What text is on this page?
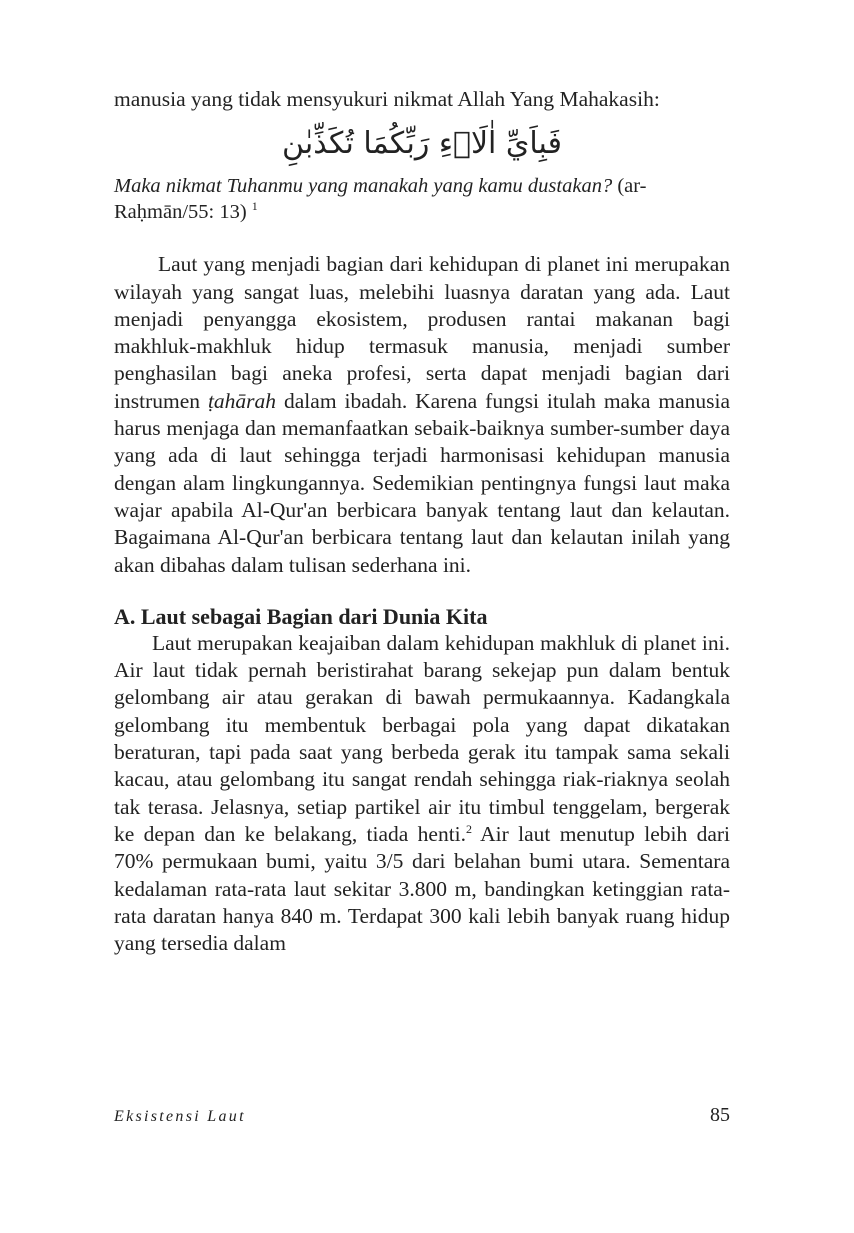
manusia yang tidak mensyukuri nikmat Allah Yang Mahakasih:

فَبِاَيِّ اٰلَاۤءِ رَبِّكُمَا تُكَذِّبٰنِ

Maka nikmat Tuhanmu yang manakah yang kamu dustakan? (ar-Raḥmān/55: 13) $^1$

Laut yang menjadi bagian dari kehidupan di planet ini merupakan wilayah yang sangat luas, melebihi luasnya daratan yang ada. Laut menjadi penyangga ekosistem, produsen rantai makanan bagi makhluk-makhluk hidup termasuk manusia, menjadi sumber penghasilan bagi aneka profesi, serta dapat menjadi bagian dari instrumen ṭahārah dalam ibadah. Karena fungsi itulah maka manusia harus menjaga dan memanfaatkan sebaik-baiknya sumber-sumber daya yang ada di laut sehingga terjadi harmonisasi kehidupan manusia dengan alam lingkungannya. Sedemikian pentingnya fungsi laut maka wajar apabila Al-Qur'an berbicara banyak tentang laut dan kelautan. Bagaimana Al-Qur'an berbicara tentang laut dan kelautan inilah yang akan dibahas dalam tulisan sederhana ini.

A. Laut sebagai Bagian dari Dunia Kita

Laut merupakan keajaiban dalam kehidupan makhluk di planet ini. Air laut tidak pernah beristirahat barang sekejap pun dalam bentuk gelombang air atau gerakan di bawah permukaannya. Kadangkala gelombang itu membentuk berbagai pola yang dapat dikatakan beraturan, tapi pada saat yang berbeda gerak itu tampak sama sekali kacau, atau gelombang itu sangat rendah sehingga riak-riaknya seolah tak terasa. Jelasnya, setiap partikel air itu timbul tenggelam, bergerak ke depan dan ke belakang, tiada henti.$^2$ Air laut menutup lebih dari 70% permukaan bumi, yaitu 3/5 dari belahan bumi utara. Sementara kedalaman rata-rata laut sekitar 3.800 m, bandingkan ketinggian rata-rata daratan hanya 840 m. Terdapat 300 kali lebih banyak ruang hidup yang tersedia dalam

Eksistensi Laut	85
